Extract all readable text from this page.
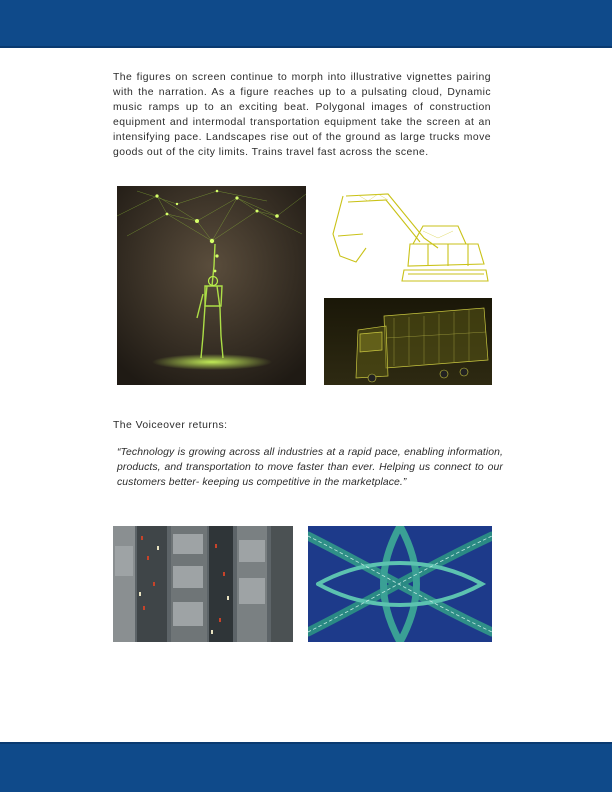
The figures on screen continue to morph into illustrative vignettes pairing with the narration. As a figure reaches up to a pulsating cloud, Dynamic music ramps up to an exciting beat. Polygonal images of construction equipment and intermodal transportation equipment take the screen at an intensifying pace. Landscapes rise out of the ground as large trucks move goods out of the city limits. Trains travel fast across the scene.

The Voiceover returns:

“Technology is growing across all industries at a rapid pace, enabling information, products, and transportation to move faster than ever. Helping us connect to our customers better- keeping us competitive in the marketplace.”
